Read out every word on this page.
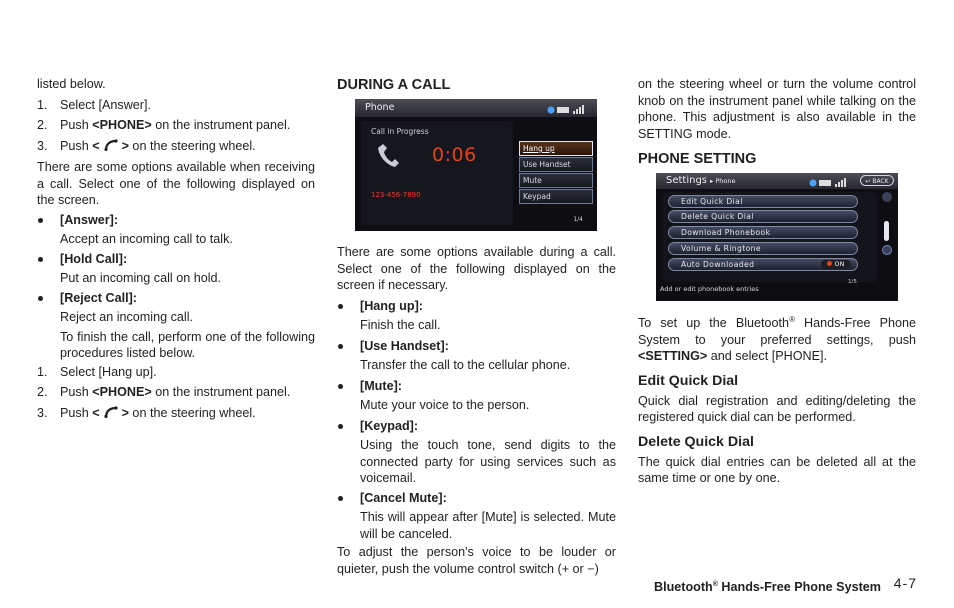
listed below.

1. Select [Answer].

2. Push <PHONE> on the instrument panel.

3. Push < > on the steering wheel.

There are some options available when receiving a call. Select one of the following displayed on the screen.

[Answer]:

Accept an incoming call to talk.

[Hold Call]:

Put an incoming call on hold.

[Reject Call]:

Reject an incoming call.

To finish the call, perform one of the following procedures listed below.

1. Select [Hang up].

2. Push <PHONE> on the instrument panel.

3. Push < > on the steering wheel.

DURING A CALL
Phone
Call in Progress
0:06
123-456-7890
Hang up
Use Handset
Mute
Keypad
1/4

There are some options available during a call. Select one of the following displayed on the screen if necessary.

[Hang up]:

Finish the call.

[Use Handset]:

Transfer the call to the cellular phone.

[Mute]:

Mute your voice to the person.

[Keypad]:

Using the touch tone, send digits to the connected party for using services such as voicemail.

[Cancel Mute]:

This will appear after [Mute] is selected. Mute will be canceled.

To adjust the person's voice to be louder or quieter, push the volume control switch (+ or −)

on the steering wheel or turn the volume control knob on the instrument panel while talking on the phone. This adjustment is also available in the SETTING mode.

PHONE SETTING
Settings ▸ Phone	↩ BACK
Edit Quick Dial
Delete Quick Dial
Download Phonebook
Volume & Ringtone
Auto Downloaded	ON
1/5
Add or edit phonebook entries

To set up the Bluetooth® Hands-Free Phone System to your preferred settings, push <SETTING> and select [PHONE].

Edit Quick Dial

Quick dial registration and editing/deleting the registered quick dial can be performed.

Delete Quick Dial

The quick dial entries can be deleted all at the same time or one by one.

Bluetooth® Hands-Free Phone System 4-7
